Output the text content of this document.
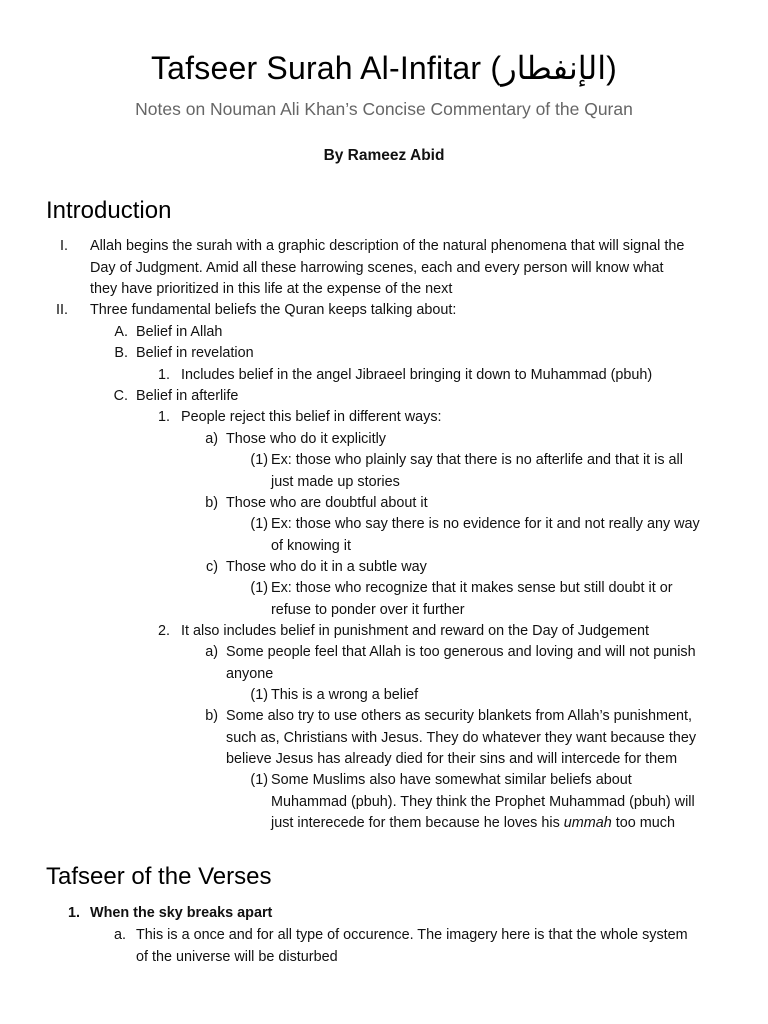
Tafseer Surah Al-Infitar (الإنفطار)
Notes on Nouman Ali Khan’s Concise Commentary of the Quran
By Rameez Abid
Introduction
I. Allah begins the surah with a graphic description of the natural phenomena that will signal the
Day of Judgment. Amid all these harrowing scenes, each and every person will know what
they have prioritized in this life at the expense of the next
II. Three fundamental beliefs the Quran keeps talking about:
A. Belief in Allah
B. Belief in revelation
1. Includes belief in the angel Jibraeel bringing it down to Muhammad (pbuh)
C. Belief in afterlife
1. People reject this belief in different ways:
a) Those who do it explicitly
(1) Ex: those who plainly say that there is no afterlife and that it is all
just made up stories
b) Those who are doubtful about it
(1) Ex: those who say there is no evidence for it and not really any way
of knowing it
c) Those who do it in a subtle way
(1) Ex: those who recognize that it makes sense but still doubt it or
refuse to ponder over it further
2. It also includes belief in punishment and reward on the Day of Judgement
a) Some people feel that Allah is too generous and loving and will not punish
anyone
(1) This is a wrong a belief
b) Some also try to use others as security blankets from Allah’s punishment,
such as, Christians with Jesus. They do whatever they want because they
believe Jesus has already died for their sins and will intercede for them
(1) Some Muslims also have somewhat similar beliefs about
Muhammad (pbuh). They think the Prophet Muhammad (pbuh) will
just interecede for them because he loves his ummah too much
Tafseer of the Verses
1. When the sky breaks apart
a. This is a once and for all type of occurence. The imagery here is that the whole system
of the universe will be disturbed
